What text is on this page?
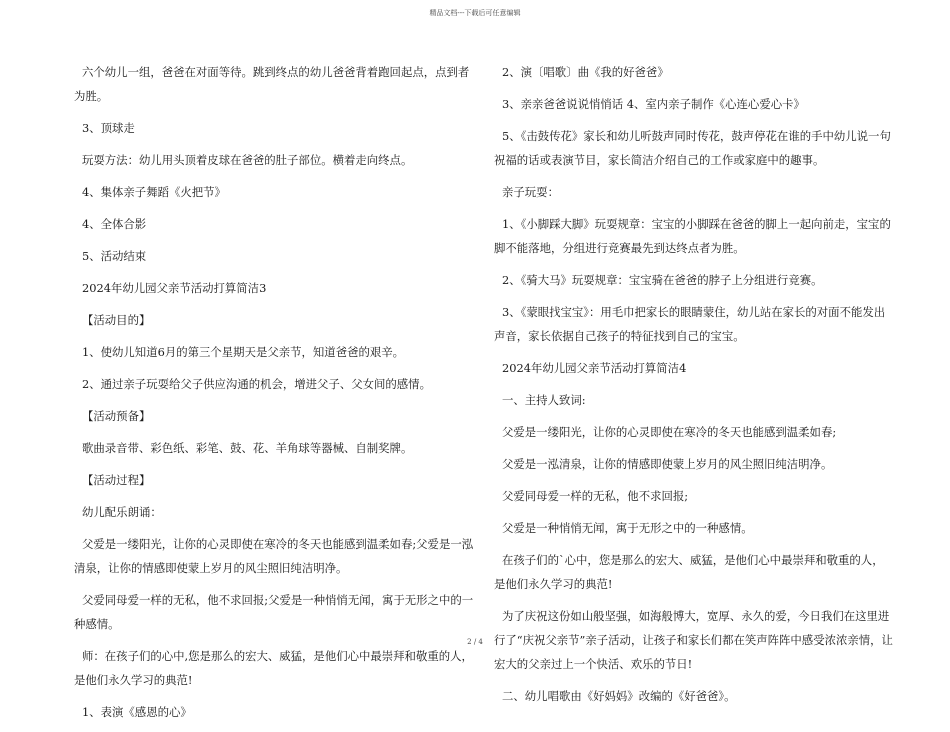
精品文档---下载后可任意编辑

六个幼儿一组，爸爸在对面等待。跳到终点的幼儿爸爸背着跑回起点，点到者为胜。

3、顶球走

玩耍方法：幼儿用头顶着皮球在爸爸的肚子部位。横着走向终点。

4、集体亲子舞蹈《火把节》

4、全体合影

5、活动结束

2024年幼儿园父亲节活动打算简洁3

【活动目的】

1、使幼儿知道6月的第三个星期天是父亲节，知道爸爸的艰辛。

2、通过亲子玩耍给父子供应沟通的机会，增进父子、父女间的感情。

【活动预备】

歌曲录音带、彩色纸、彩笔、鼓、花、羊角球等器械、自制奖牌。

【活动过程】

幼儿配乐朗诵：

父爱是一缕阳光，让你的心灵即使在寒冷的冬天也能感到温柔如春;父爱是一泓清泉，让你的情感即使蒙上岁月的风尘照旧纯洁明净。

父爱同母爱一样的无私，他不求回报;父爱是一种悄悄无闻，寓于无形之中的一种感情。

师：在孩子们的心中,您是那么的宏大、威猛，是他们心中最崇拜和敬重的人，是他们永久学习的典范!

1、表演《感恩的心》

2、演〔唱歌〕曲《我的好爸爸》

3、亲亲爸爸说说悄悄话 4、室内亲子制作《心连心爱心卡》

5、《击鼓传花》家长和幼儿听鼓声同时传花，鼓声停花在谁的手中幼儿说一句祝福的话或表演节目，家长简洁介绍自己的工作或家庭中的趣事。

亲子玩耍：

1、《小脚踩大脚》玩耍规章：宝宝的小脚踩在爸爸的脚上一起向前走，宝宝的脚不能落地，分组进行竞赛最先到达终点者为胜。

2、《骑大马》玩耍规章：宝宝骑在爸爸的脖子上分组进行竞赛。

3、《蒙眼找宝宝》：用毛巾把家长的眼睛蒙住，幼儿站在家长的对面不能发出声音，家长依据自己孩子的特征找到自己的宝宝。

2024年幼儿园父亲节活动打算简洁4

一、主持人致词:

父爱是一缕阳光，让你的心灵即使在寒冷的冬天也能感到温柔如春;

父爱是一泓清泉，让你的情感即使蒙上岁月的风尘照旧纯洁明净。

父爱同母爱一样的无私，他不求回报;

父爱是一种悄悄无闻，寓于无形之中的一种感情。

在孩子们的`心中，您是那么的宏大、威猛，是他们心中最崇拜和敬重的人，是他们永久学习的典范!

为了庆祝这份如山般坚强，如海般博大，宽厚、永久的爱，今日我们在这里进行了“庆祝父亲节”亲子活动，让孩子和家长们都在笑声阵阵中感受浓浓亲情，让宏大的父亲过上一个快活、欢乐的节日!

二、幼儿唱歌由《好妈妈》改编的《好爸爸》。

2 / 4
